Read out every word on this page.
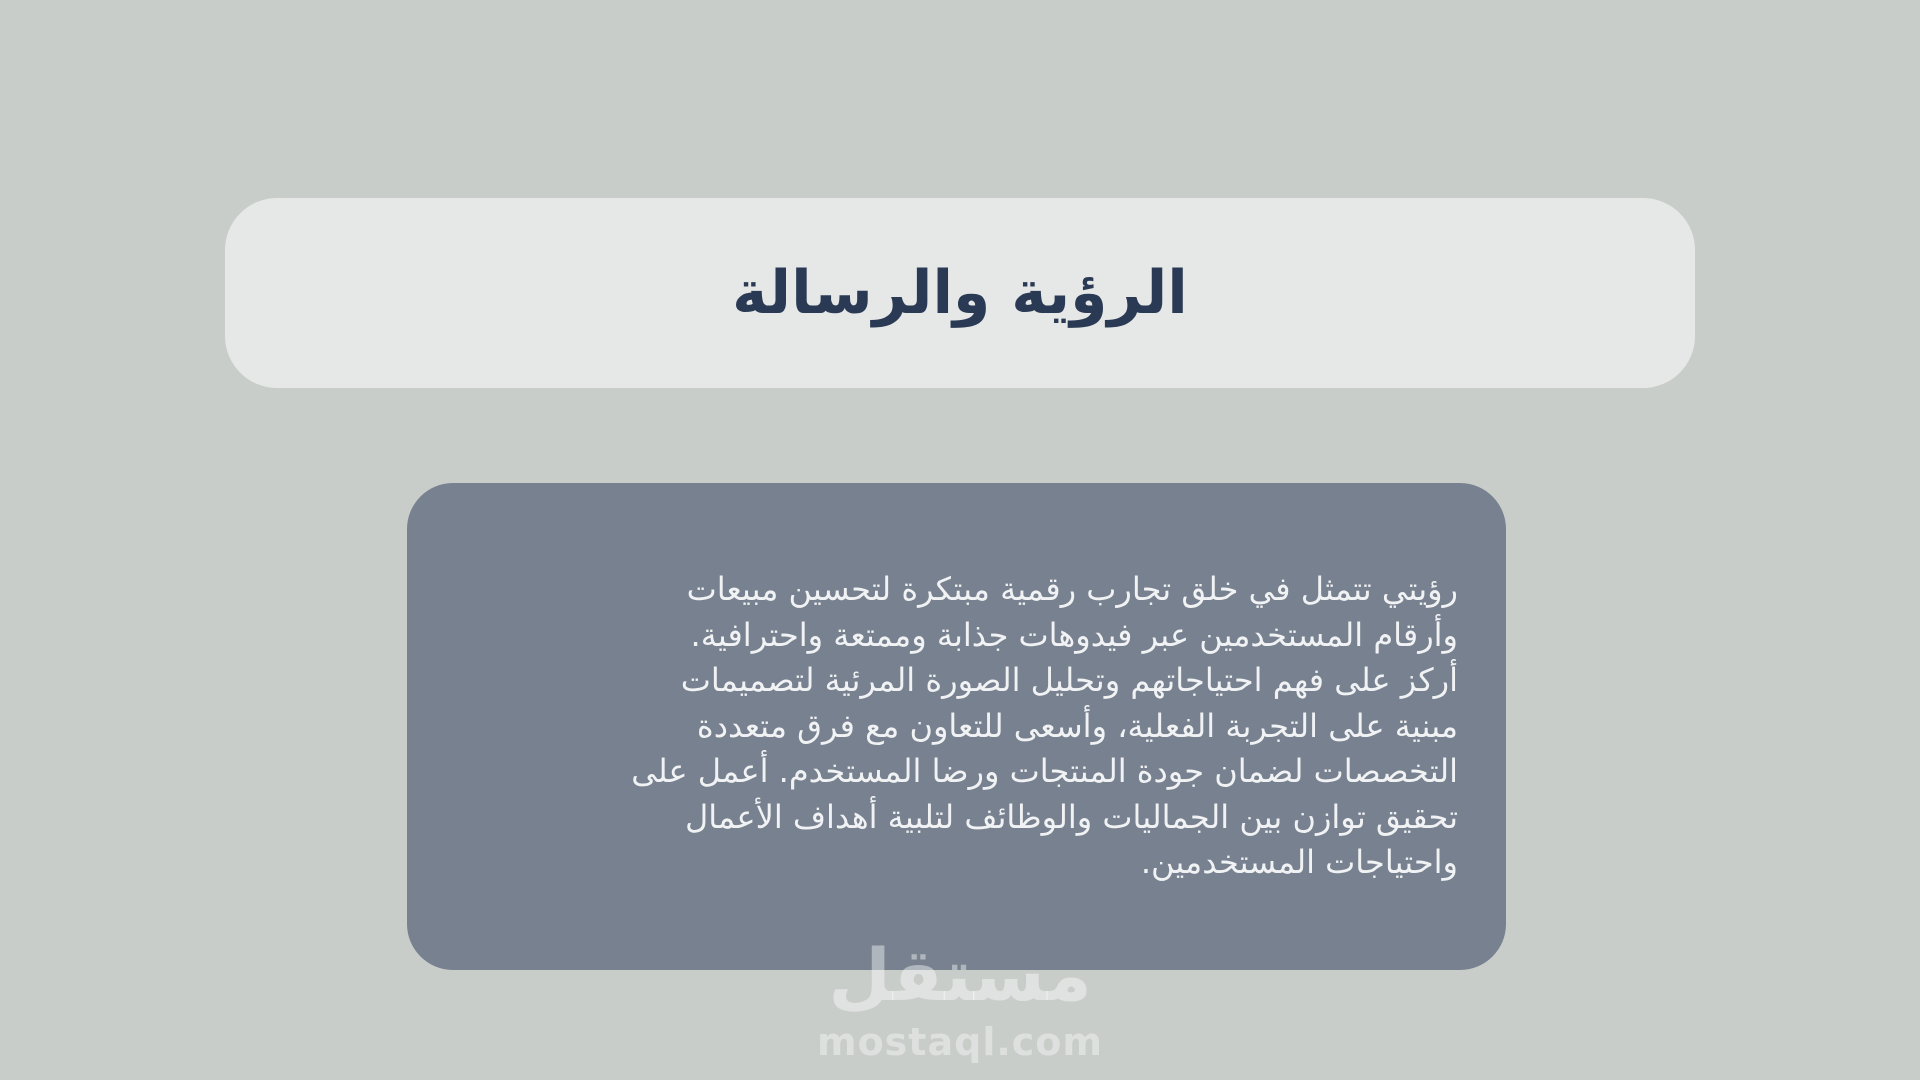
الرؤية والرسالة
رؤيتي تتمثل في خلق تجارب رقمية مبتكرة لتحسين مبيعات
وأرقام المستخدمين عبر فيدوهات جذابة وممتعة واحترافية.
أركز على فهم احتياجاتهم وتحليل الصورة المرئية لتصميمات
مبنية على التجربة الفعلية، وأسعى للتعاون مع فرق متعددة
التخصصات لضمان جودة المنتجات ورضا المستخدم. أعمل على
تحقيق توازن بين الجماليات والوظائف لتلبية أهداف الأعمال
واحتياجات المستخدمين.
مستقل
mostaql.com
